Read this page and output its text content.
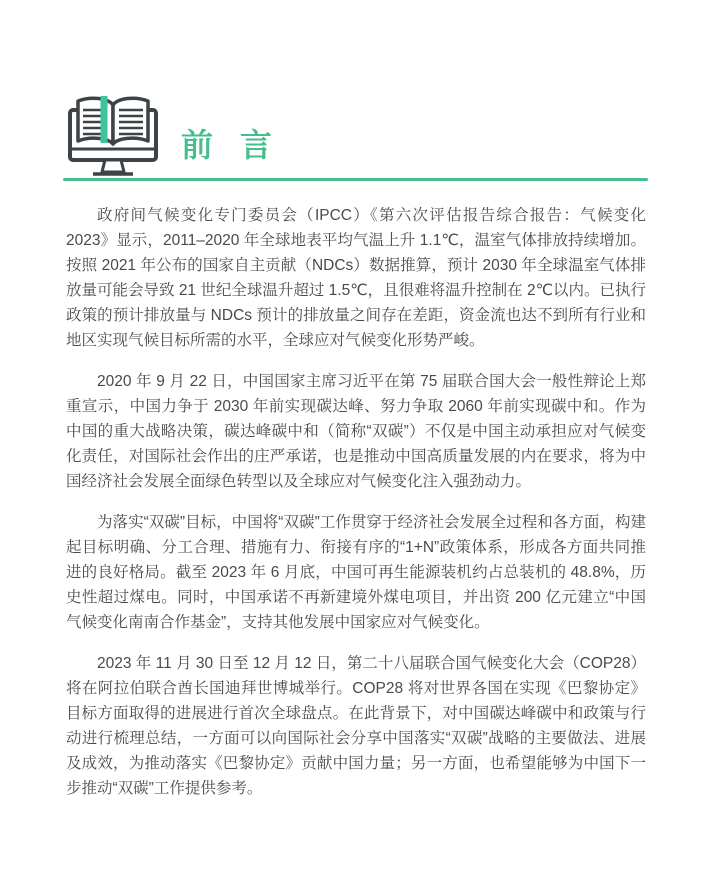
前 言

政府间气候变化专门委员会（IPCC）《第六次评估报告综合报告：气候变化 2023》显示，2011–2020 年全球地表平均气温上升 1.1℃，温室气体排放持续增加。按照 2021 年公布的国家自主贡献（NDCs）数据推算，预计 2030 年全球温室气体排放量可能会导致 21 世纪全球温升超过 1.5℃，且很难将温升控制在 2℃以内。已执行政策的预计排放量与 NDCs 预计的排放量之间存在差距，资金流也达不到所有行业和地区实现气候目标所需的水平，全球应对气候变化形势严峻。

2020 年 9 月 22 日，中国国家主席习近平在第 75 届联合国大会一般性辩论上郑重宣示，中国力争于 2030 年前实现碳达峰、努力争取 2060 年前实现碳中和。作为中国的重大战略决策，碳达峰碳中和（简称“双碳”）不仅是中国主动承担应对气候变化责任，对国际社会作出的庄严承诺，也是推动中国高质量发展的内在要求，将为中国经济社会发展全面绿色转型以及全球应对气候变化注入强劲动力。

为落实“双碳”目标，中国将“双碳”工作贯穿于经济社会发展全过程和各方面，构建起目标明确、分工合理、措施有力、衔接有序的“1+N”政策体系，形成各方面共同推进的良好格局。截至 2023 年 6 月底，中国可再生能源装机约占总装机的 48.8%，历史性超过煤电。同时，中国承诺不再新建境外煤电项目，并出资 200 亿元建立“中国气候变化南南合作基金”，支持其他发展中国家应对气候变化。

2023 年 11 月 30 日至 12 月 12 日，第二十八届联合国气候变化大会（COP28）将在阿拉伯联合酋长国迪拜世博城举行。COP28 将对世界各国在实现《巴黎协定》目标方面取得的进展进行首次全球盘点。在此背景下，对中国碳达峰碳中和政策与行动进行梳理总结，一方面可以向国际社会分享中国落实“双碳”战略的主要做法、进展及成效，为推动落实《巴黎协定》贡献中国力量；另一方面，也希望能够为中国下一步推动“双碳”工作提供参考。
